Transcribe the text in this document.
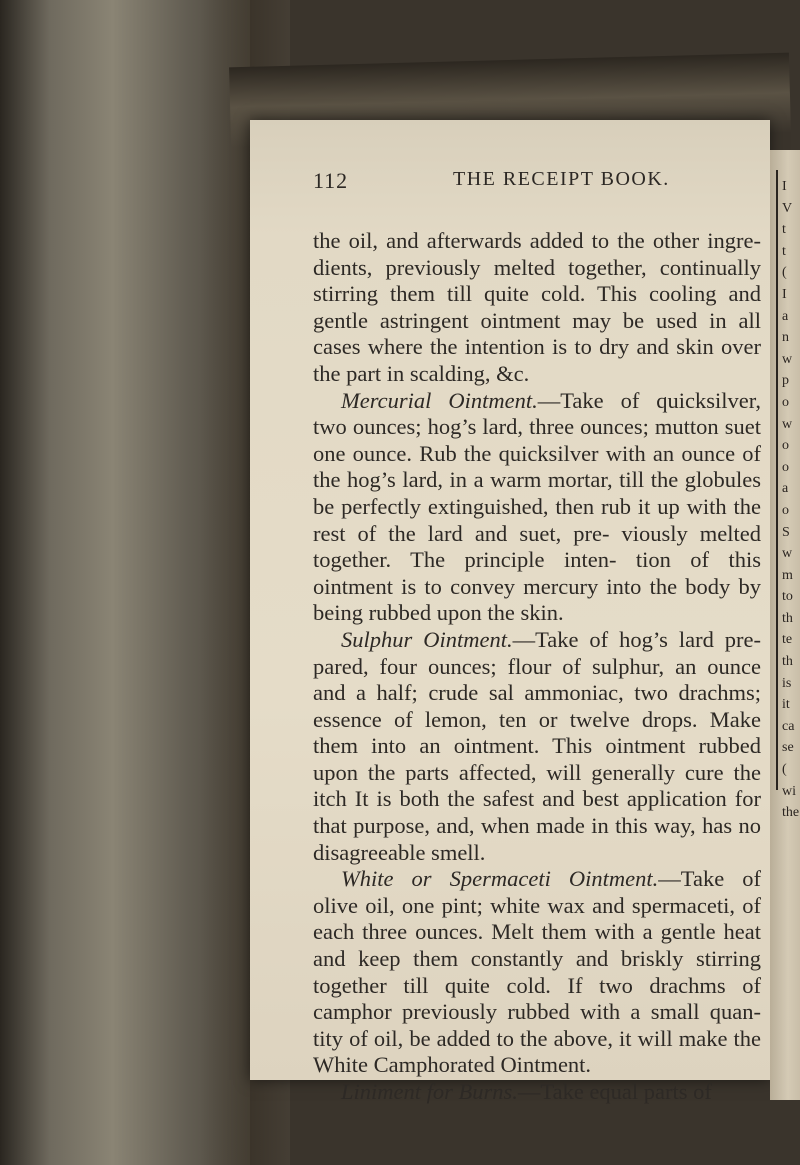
I
V
t
t
(
I
a
n
w
p
o
w
o
o
a
o
S
w
m
to
th
te
th
is
it
ca
se
(
wi
the
112	THE RECEIPT BOOK.

the oil, and afterwards added to the other ingre- dients, previously melted together, continually stirring them till quite cold. This cooling and gentle astringent ointment may be used in all cases where the intention is to dry and skin over the part in scalding, &c.

Mercurial Ointment.—Take of quicksilver, two ounces; hog’s lard, three ounces; mutton suet one ounce. Rub the quicksilver with an ounce of the hog’s lard, in a warm mortar, till the globules be perfectly extinguished, then rub it up with the rest of the lard and suet, pre- viously melted together. The principle inten- tion of this ointment is to convey mercury into the body by being rubbed upon the skin.

Sulphur Ointment.—Take of hog’s lard pre- pared, four ounces; flour of sulphur, an ounce and a half; crude sal ammoniac, two drachms; essence of lemon, ten or twelve drops. Make them into an ointment. This ointment rubbed upon the parts affected, will generally cure the itch It is both the safest and best application for that purpose, and, when made in this way, has no disagreeable smell.

White or Spermaceti Ointment.—Take of olive oil, one pint; white wax and spermaceti, of each three ounces. Melt them with a gentle heat and keep them constantly and briskly stirring together till quite cold. If two drachms of camphor previously rubbed with a small quan- tity of oil, be added to the above, it will make the White Camphorated Ointment.

Liniment for Burns.—Take equal parts of
